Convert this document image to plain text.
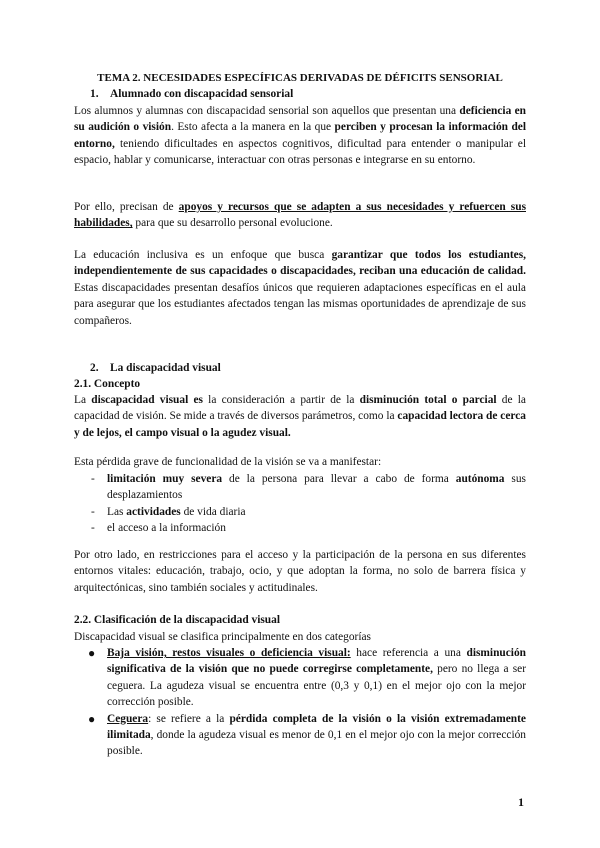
TEMA 2. NECESIDADES ESPECÍFICAS DERIVADAS DE DÉFICITS SENSORIAL
1. Alumnado con discapacidad sensorial
Los alumnos y alumnas con discapacidad sensorial son aquellos que presentan una deficiencia en su audición o visión. Esto afecta a la manera en la que perciben y procesan la información del entorno, teniendo dificultades en aspectos cognitivos, dificultad para entender o manipular el espacio, hablar y comunicarse, interactuar con otras personas e integrarse en su entorno.
Por ello, precisan de apoyos y recursos que se adapten a sus necesidades y refuercen sus habilidades, para que su desarrollo personal evolucione.
La educación inclusiva es un enfoque que busca garantizar que todos los estudiantes, independientemente de sus capacidades o discapacidades, reciban una educación de calidad. Estas discapacidades presentan desafíos únicos que requieren adaptaciones específicas en el aula para asegurar que los estudiantes afectados tengan las mismas oportunidades de aprendizaje de sus compañeros.
2. La discapacidad visual
2.1. Concepto
La discapacidad visual es la consideración a partir de la disminución total o parcial de la capacidad de visión. Se mide a través de diversos parámetros, como la capacidad lectora de cerca y de lejos, el campo visual o la agudez visual.
Esta pérdida grave de funcionalidad de la visión se va a manifestar:
- limitación muy severa de la persona para llevar a cabo de forma autónoma sus desplazamientos
- Las actividades de vida diaria
- el acceso a la información
Por otro lado, en restricciones para el acceso y la participación de la persona en sus diferentes entornos vitales: educación, trabajo, ocio, y que adoptan la forma, no solo de barrera física y arquitectónicas, sino también sociales y actitudinales.
2.2. Clasificación de la discapacidad visual
Discapacidad visual se clasifica principalmente en dos categorías
● Baja visión, restos visuales o deficiencia visual: hace referencia a una disminución significativa de la visión que no puede corregirse completamente, pero no llega a ser ceguera. La agudeza visual se encuentra entre (0,3 y 0,1) en el mejor ojo con la mejor corrección posible.
● Ceguera: se refiere a la pérdida completa de la visión o la visión extremadamente ilimitada, donde la agudeza visual es menor de 0,1 en el mejor ojo con la mejor corrección posible.
1
